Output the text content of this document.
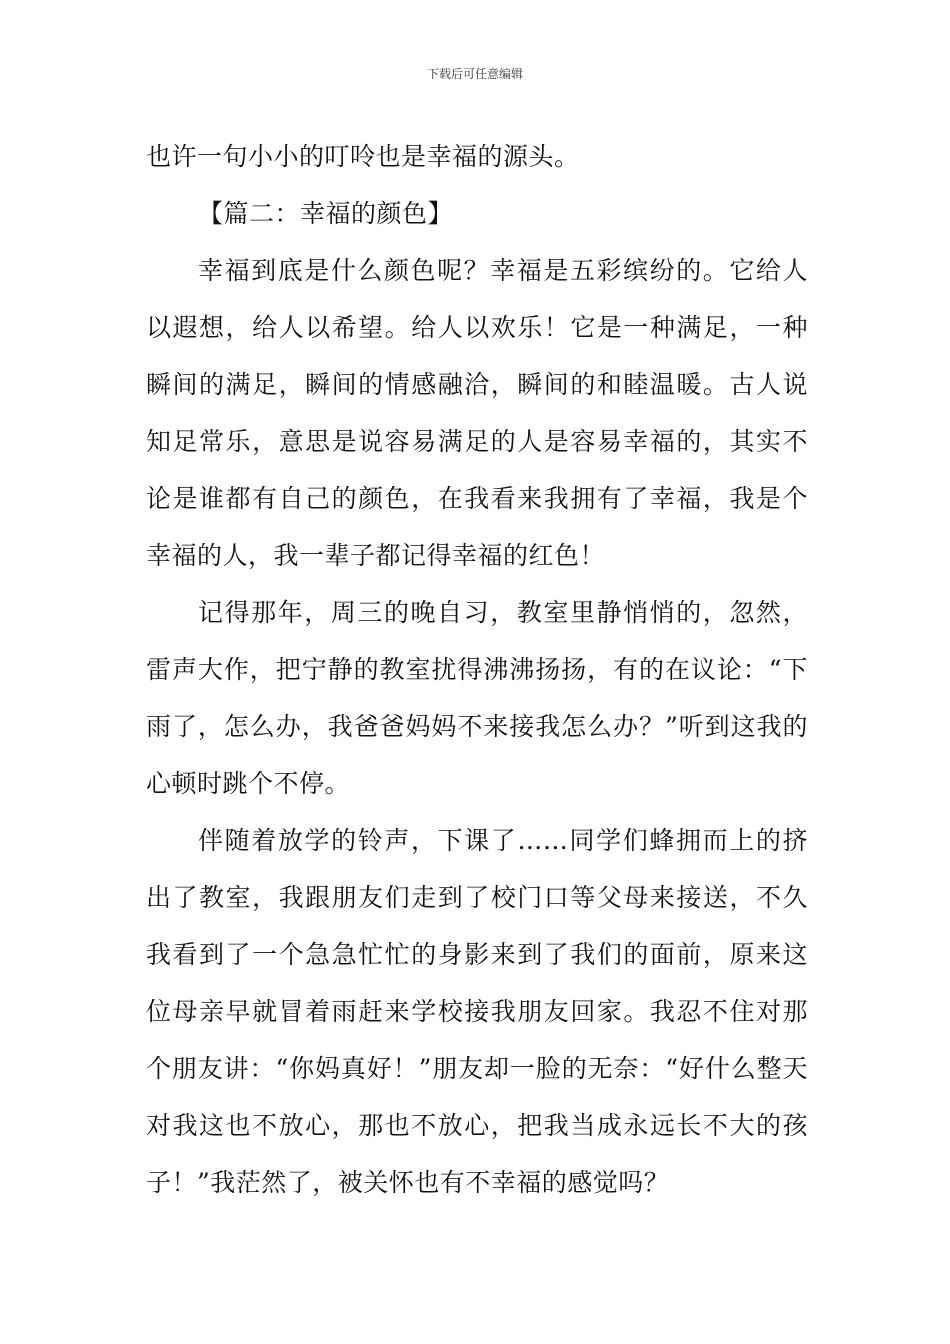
下载后可任意编辑

也许一句小小的叮呤也是幸福的源头。

【篇二：幸福的颜色】

幸福到底是什么颜色呢？幸福是五彩缤纷的。它给人以遐想，给人以希望。给人以欢乐！它是一种满足，一种瞬间的满足，瞬间的情感融洽，瞬间的和睦温暖。古人说知足常乐，意思是说容易满足的人是容易幸福的，其实不论是谁都有自己的颜色，在我看来我拥有了幸福，我是个幸福的人，我一辈子都记得幸福的红色！

记得那年，周三的晚自习，教室里静悄悄的，忽然，雷声大作，把宁静的教室扰得沸沸扬扬，有的在议论：“下雨了，怎么办，我爸爸妈妈不来接我怎么办？”听到这我的心顿时跳个不停。

伴随着放学的铃声，下课了……同学们蜂拥而上的挤出了教室，我跟朋友们走到了校门口等父母来接送，不久我看到了一个急急忙忙的身影来到了我们的面前，原来这位母亲早就冒着雨赶来学校接我朋友回家。我忍不住对那个朋友讲：“你妈真好！”朋友却一脸的无奈：“好什么整天对我这也不放心，那也不放心，把我当成永远长不大的孩子！”我茫然了，被关怀也有不幸福的感觉吗？
